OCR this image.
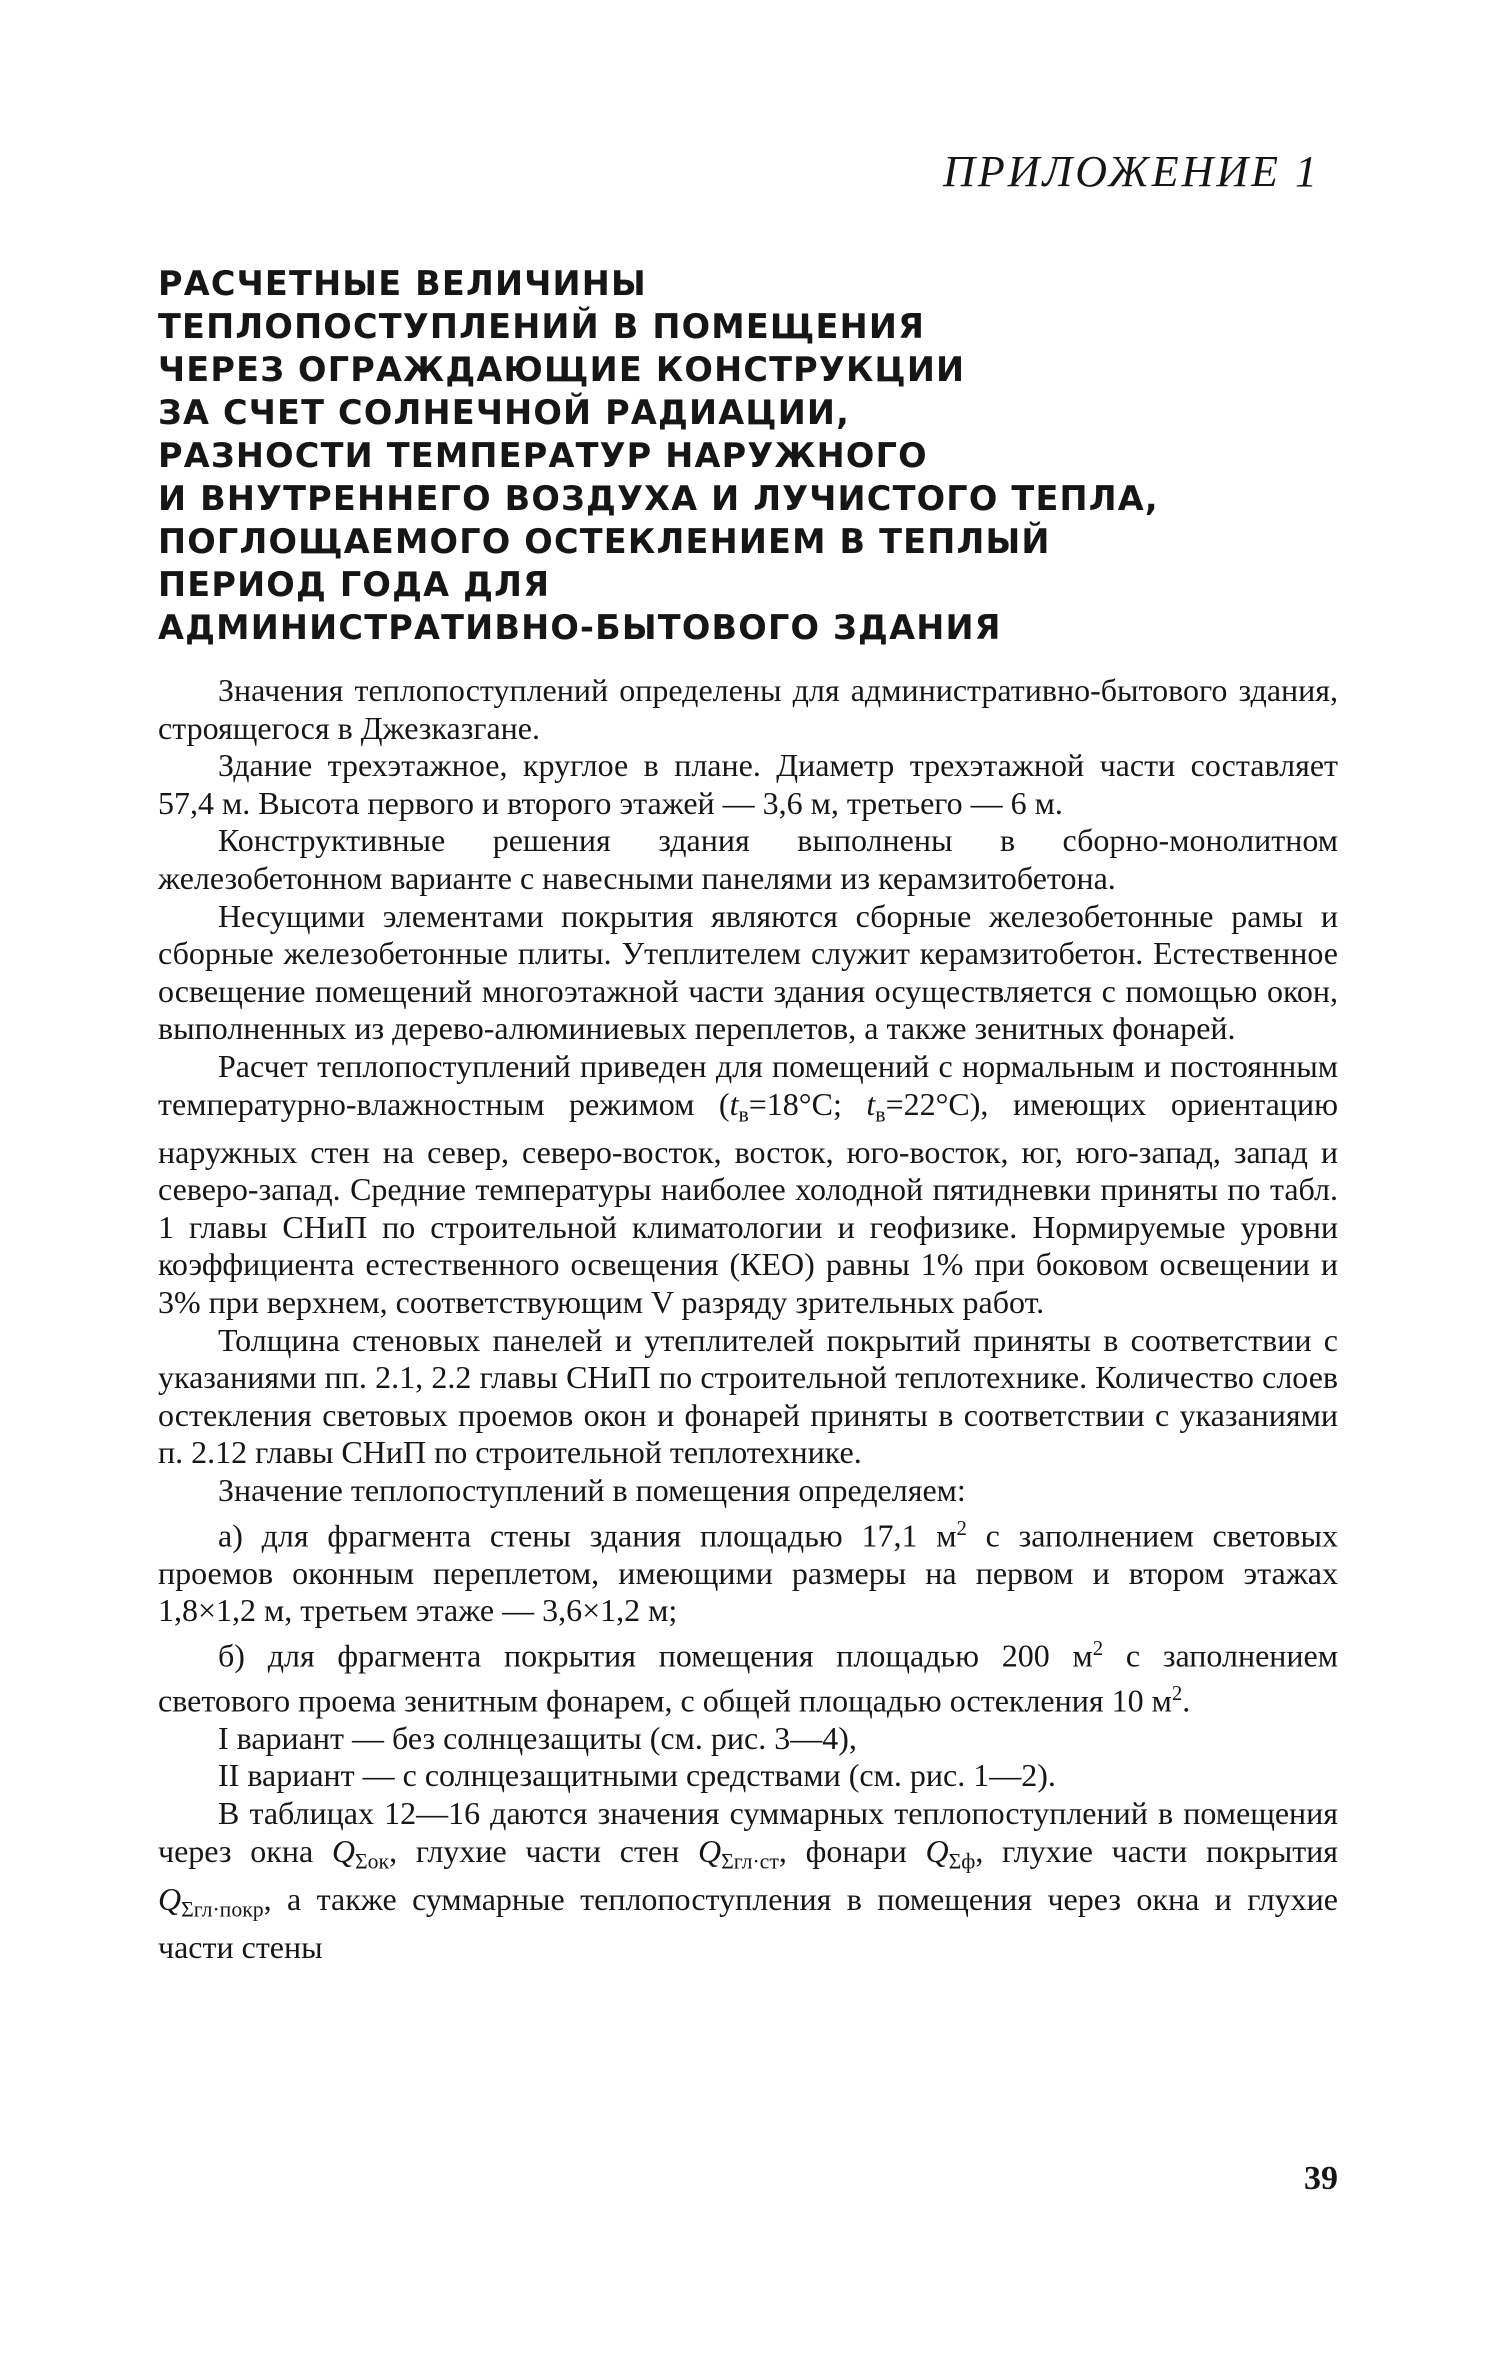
ПРИЛОЖЕНИЕ 1
РАСЧЕТНЫЕ ВЕЛИЧИНЫ
ТЕПЛОПОСТУПЛЕНИЙ В ПОМЕЩЕНИЯ
ЧЕРЕЗ ОГРАЖДАЮЩИЕ КОНСТРУКЦИИ
ЗА СЧЕТ СОЛНЕЧНОЙ РАДИАЦИИ,
РАЗНОСТИ ТЕМПЕРАТУР НАРУЖНОГО
И ВНУТРЕННЕГО ВОЗДУХА И ЛУЧИСТОГО ТЕПЛА,
ПОГЛОЩАЕМОГО ОСТЕКЛЕНИЕМ В ТЕПЛЫЙ
ПЕРИОД ГОДА ДЛЯ
АДМИНИСТРАТИВНО-БЫТОВОГО ЗДАНИЯ

Значения теплопоступлений определены для административно-бытового здания, строящегося в Джезказгане.

Здание трехэтажное, круглое в плане. Диаметр трехэтажной части составляет 57,4 м. Высота первого и второго этажей — 3,6 м, третьего — 6 м.

Конструктивные решения здания выполнены в сборно-монолитном железобетонном варианте с навесными панелями из керамзитобетона.

Несущими элементами покрытия являются сборные железобетонные рамы и сборные железобетонные плиты. Утеплителем служит керамзитобетон. Естественное освещение помещений многоэтажной части здания осуществляется с помощью окон, выполненных из дерево-алюминиевых переплетов, а также зенитных фонарей.

Расчет теплопоступлений приведен для помещений с нормальным и постоянным температурно-влажностным режимом ($t_в=18^\circ C$; $t_в=22^\circ C$), имеющих ориентацию наружных стен на север, северо-восток, восток, юго-восток, юг, юго-запад, запад и северо-запад. Средние температуры наиболее холодной пятидневки приняты по табл. 1 главы СНиП по строительной климатологии и геофизике. Нормируемые уровни коэффициента естественного освещения (КЕО) равны 1% при боковом освещении и 3% при верхнем, соответствующим V разряду зрительных работ.

Толщина стеновых панелей и утеплителей покрытий приняты в соответствии с указаниями пп. 2.1, 2.2 главы СНиП по строительной теплотехнике. Количество слоев остекления световых проемов окон и фонарей приняты в соответствии с указаниями п. 2.12 главы СНиП по строительной теплотехнике.

Значение теплопоступлений в помещения определяем:

а) для фрагмента стены здания площадью 17,1 $м^2$ с заполнением световых проемов оконным переплетом, имеющими размеры на первом и втором этажах 1,8×1,2 м, третьем этаже — 3,6×1,2 м;

б) для фрагмента покрытия помещения площадью 200 $м^2$ с заполнением светового проема зенитным фонарем, с общей площадью остекления 10 $м^2$.

I вариант — без солнцезащиты (см. рис. 3—4),

II вариант — с солнцезащитными средствами (см. рис. 1—2).

В таблицах 12—16 даются значения суммарных теплопоступлений в помещения через окна $Q_{\Sigma ок}$, глухие части стен $Q_{\Sigma гл\cdot ст}$, фонари $Q_{\Sigma ф}$, глухие части покрытия $Q_{\Sigma гл\cdot покр}$, а также суммарные теплопоступления в помещения через окна и глухие части стены

39
